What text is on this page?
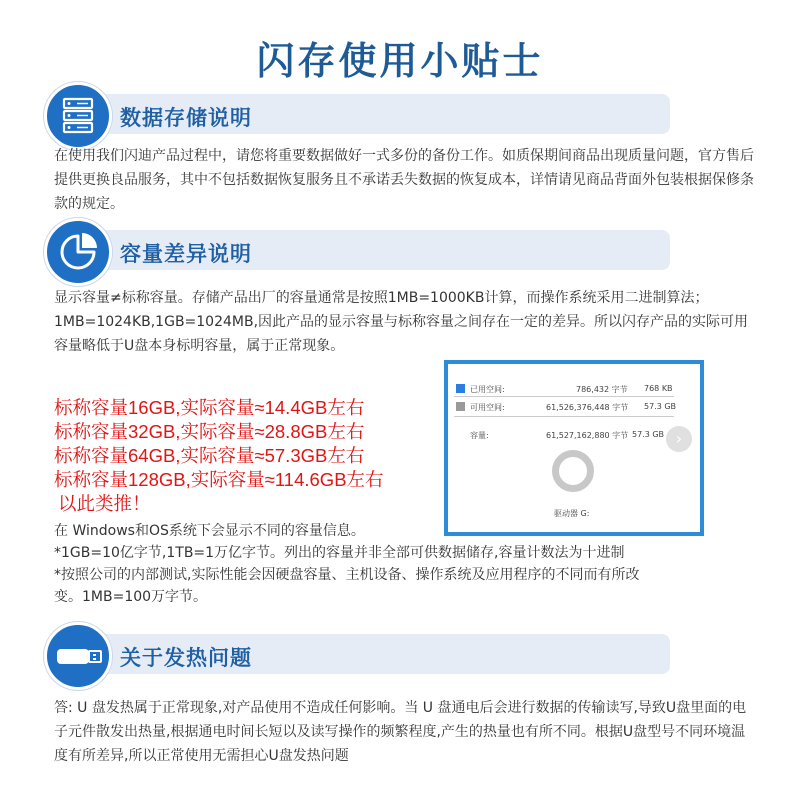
闪存使用小贴士
数据存储说明

在使用我们闪迪产品过程中，请您将重要数据做好一式多份的备份工作。如质保期间商品出现质量问题，官方售后提供更换良品服务，其中不包括数据恢复服务且不承诺丢失数据的恢复成本，详情请见商品背面外包装根据保修条款的规定。

容量差异说明

显示容量≠标称容量。存储产品出厂的容量通常是按照1MB=1000KB计算，而操作系统采用二进制算法；1MB=1024KB,1GB=1024MB,因此产品的显示容量与标称容量之间存在一定的差异。所以闪存产品的实际可用容量略低于U盘本身标明容量，属于正常现象。

标称容量16GB,实际容量≈14.4GB左右
标称容量32GB,实际容量≈28.8GB左右
标称容量64GB,实际容量≈57.3GB左右
标称容量128GB,实际容量≈114.6GB左右
以此类推！
已用空间:	786,432 字节 768 KB
可用空间:	61,526,376,448 字节 57.3 GB
容量:	61,527,162,880 字节 57.3 GB ›
驱动器 G:
在 Windows和OS系统下会显示不同的容量信息。
*1GB=10亿字节,1TB=1万亿字节。列出的容量并非全部可供数据储存,容量计数法为十进制
*按照公司的内部测试,实际性能会因硬盘容量、主机设备、操作系统及应用程序的不同而有所改
变。1MB=100万字节。
关于发热问题

答: U 盘发热属于正常现象,对产品使用不造成任何影响。当 U 盘通电后会进行数据的传输读写,导致U盘里面的电子元件散发出热量,根据通电时间长短以及读写操作的频繁程度,产生的热量也有所不同。根据U盘型号不同环境温度有所差异,所以正常使用无需担心U盘发热问题
